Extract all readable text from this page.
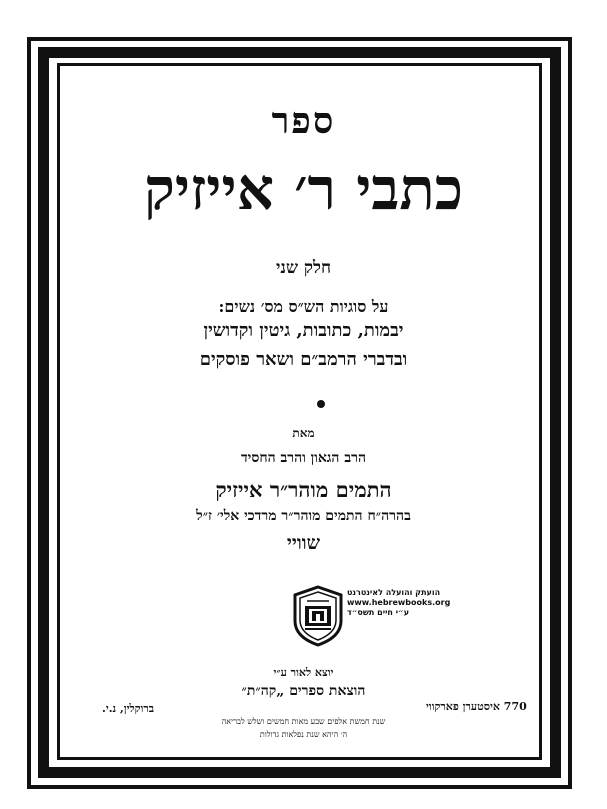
ספר
כתבי ר׳ אייזיק
חלק שני
על סוגיות הש״ס מס׳ נשים:
יבמות, כתובות, גיטין וקדושין
ובדברי הרמב״ם ושאר פוסקים
מאת
הרב הגאון והרב החסיד
התמים מוהר״ר אייזיק
בהרה״ח התמים מוהר״ר מרדכי אלי׳ ז״ל
שוויי
הועתק והועלה לאינטרנט
www.hebrewbooks.org
ע״י חיים תשס״ד
יוצא לאור ע״י
הוצאת ספרים „קה״ת״
770 איסטערן פארקווי
ברוקלין, נ.י.
שנת חמשת אלפים שבע מאות חמשים ושלש לבריאה
ה׳ היהא שנת נפלאות גדולות
